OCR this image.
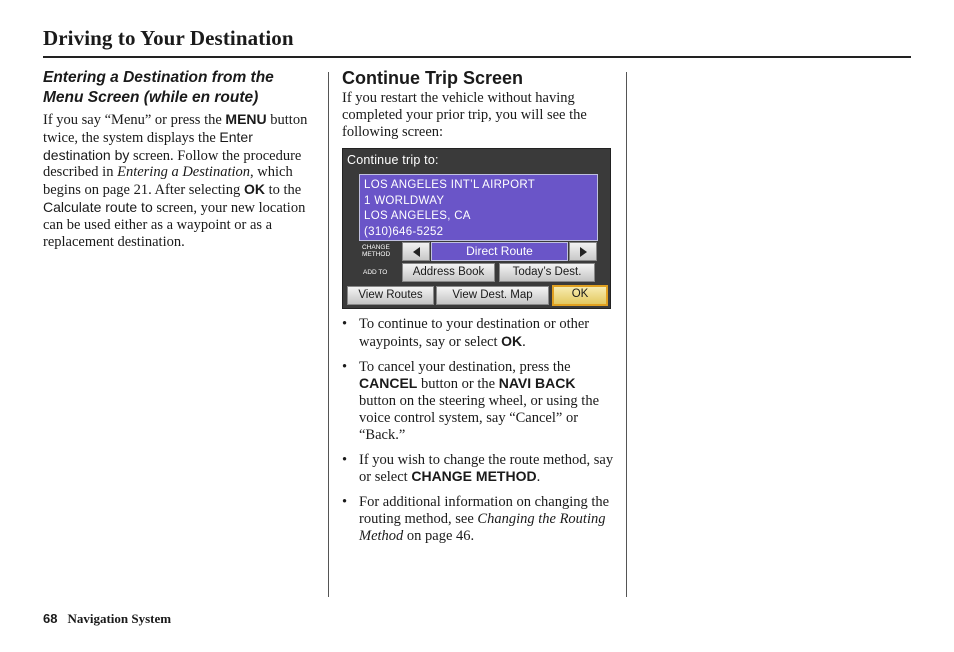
Driving to Your Destination
Entering a Destination from the Menu Screen (while en route)
If you say “Menu” or press the MENU button twice, the system displays the Enter destination by screen. Follow the procedure described in Entering a Destination, which begins on page 21. After selecting OK to the Calculate route to screen, your new location can be used either as a waypoint or as a replacement destination.
Continue Trip Screen
If you restart the vehicle without having completed your prior trip, you will see the following screen:
Continue trip to:
LOS ANGELES INT’L AIRPORT
1 WORLDWAY
LOS ANGELES, CA
(310)646-5252
CHANGE
METHOD	Direct Route
ADD TO	Address Book	Today’s Dest.
View Routes	View Dest. Map	OK
• To continue to your destination or other waypoints, say or select OK.
• To cancel your destination, press the CANCEL button or the NAVI BACK button on the steering wheel, or using the voice control system, say “Cancel” or “Back.”
• If you wish to change the route method, say or select CHANGE METHOD.
• For additional information on changing the routing method, see Changing the Routing Method on page 46.
68 Navigation System
